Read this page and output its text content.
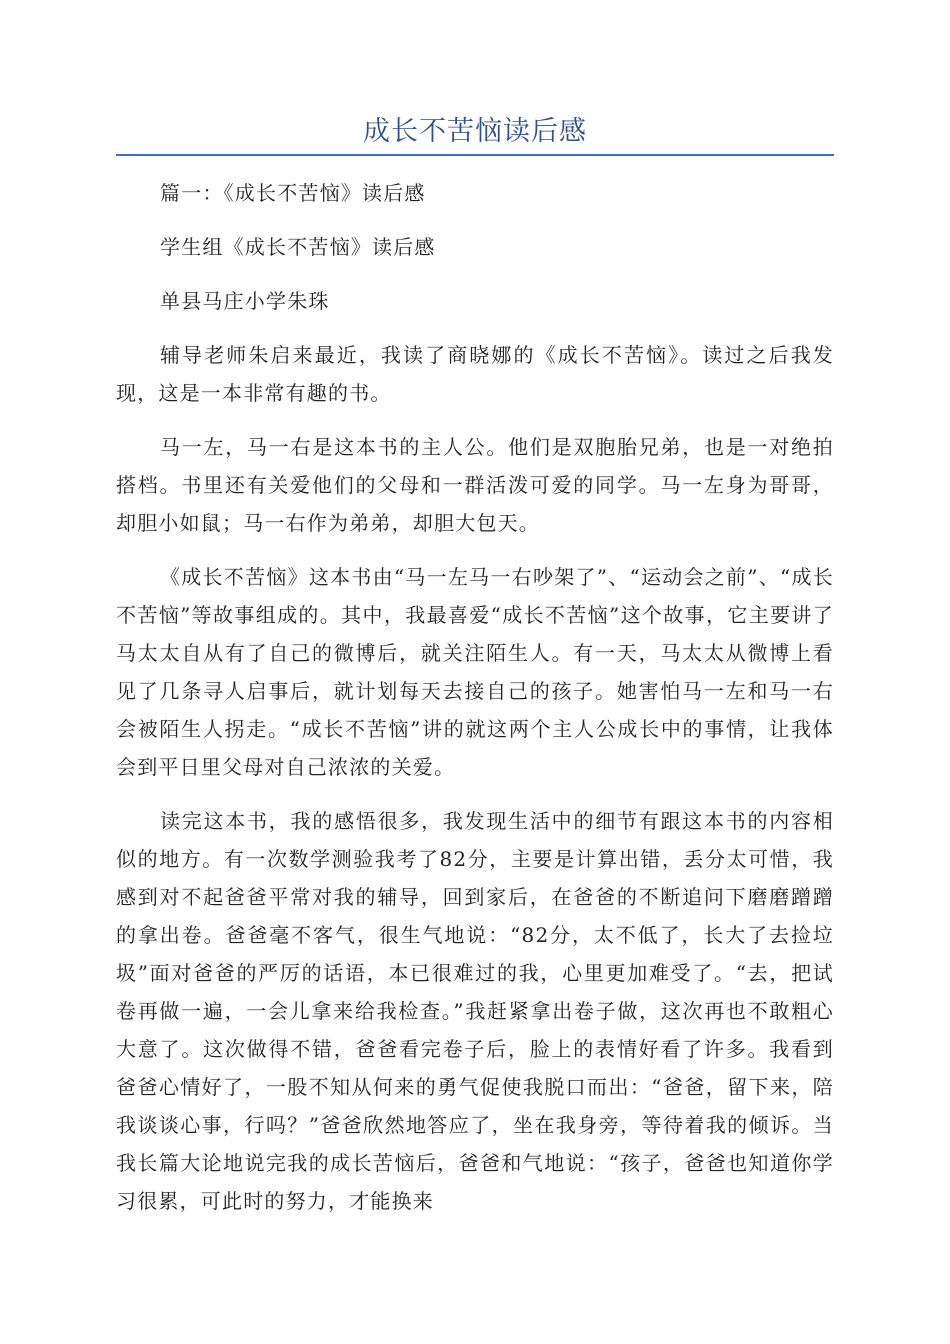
成长不苦恼读后感

篇一：《成长不苦恼》读后感

学生组《成长不苦恼》读后感

单县马庄小学朱珠

辅导老师朱启来最近，我读了商晓娜的《成长不苦恼》。读过之后我发现，这是一本非常有趣的书。

马一左，马一右是这本书的主人公。他们是双胞胎兄弟，也是一对绝拍搭档。书里还有关爱他们的父母和一群活泼可爱的同学。马一左身为哥哥，却胆小如鼠；马一右作为弟弟，却胆大包天。

《成长不苦恼》这本书由“马一左马一右吵架了”、“运动会之前”、“成长不苦恼”等故事组成的。其中，我最喜爱“成长不苦恼”这个故事，它主要讲了马太太自从有了自己的微博后，就关注陌生人。有一天，马太太从微博上看见了几条寻人启事后，就计划每天去接自己的孩子。她害怕马一左和马一右会被陌生人拐走。“成长不苦恼”讲的就这两个主人公成长中的事情，让我体会到平日里父母对自己浓浓的关爱。

读完这本书，我的感悟很多，我发现生活中的细节有跟这本书的内容相似的地方。有一次数学测验我考了82分，主要是计算出错，丢分太可惜，我感到对不起爸爸平常对我的辅导，回到家后，在爸爸的不断追问下磨磨蹭蹭的拿出卷。爸爸毫不客气，很生气地说：“82分，太不低了，长大了去捡垃圾”面对爸爸的严厉的话语，本已很难过的我，心里更加难受了。“去，把试卷再做一遍，一会儿拿来给我检查。”我赶紧拿出卷子做，这次再也不敢粗心大意了。这次做得不错，爸爸看完卷子后，脸上的表情好看了许多。我看到爸爸心情好了，一股不知从何来的勇气促使我脱口而出：“爸爸，留下来，陪我谈谈心事，行吗？”爸爸欣然地答应了，坐在我身旁，等待着我的倾诉。当我长篇大论地说完我的成长苦恼后，爸爸和气地说：“孩子，爸爸也知道你学习很累，可此时的努力，才能换来
